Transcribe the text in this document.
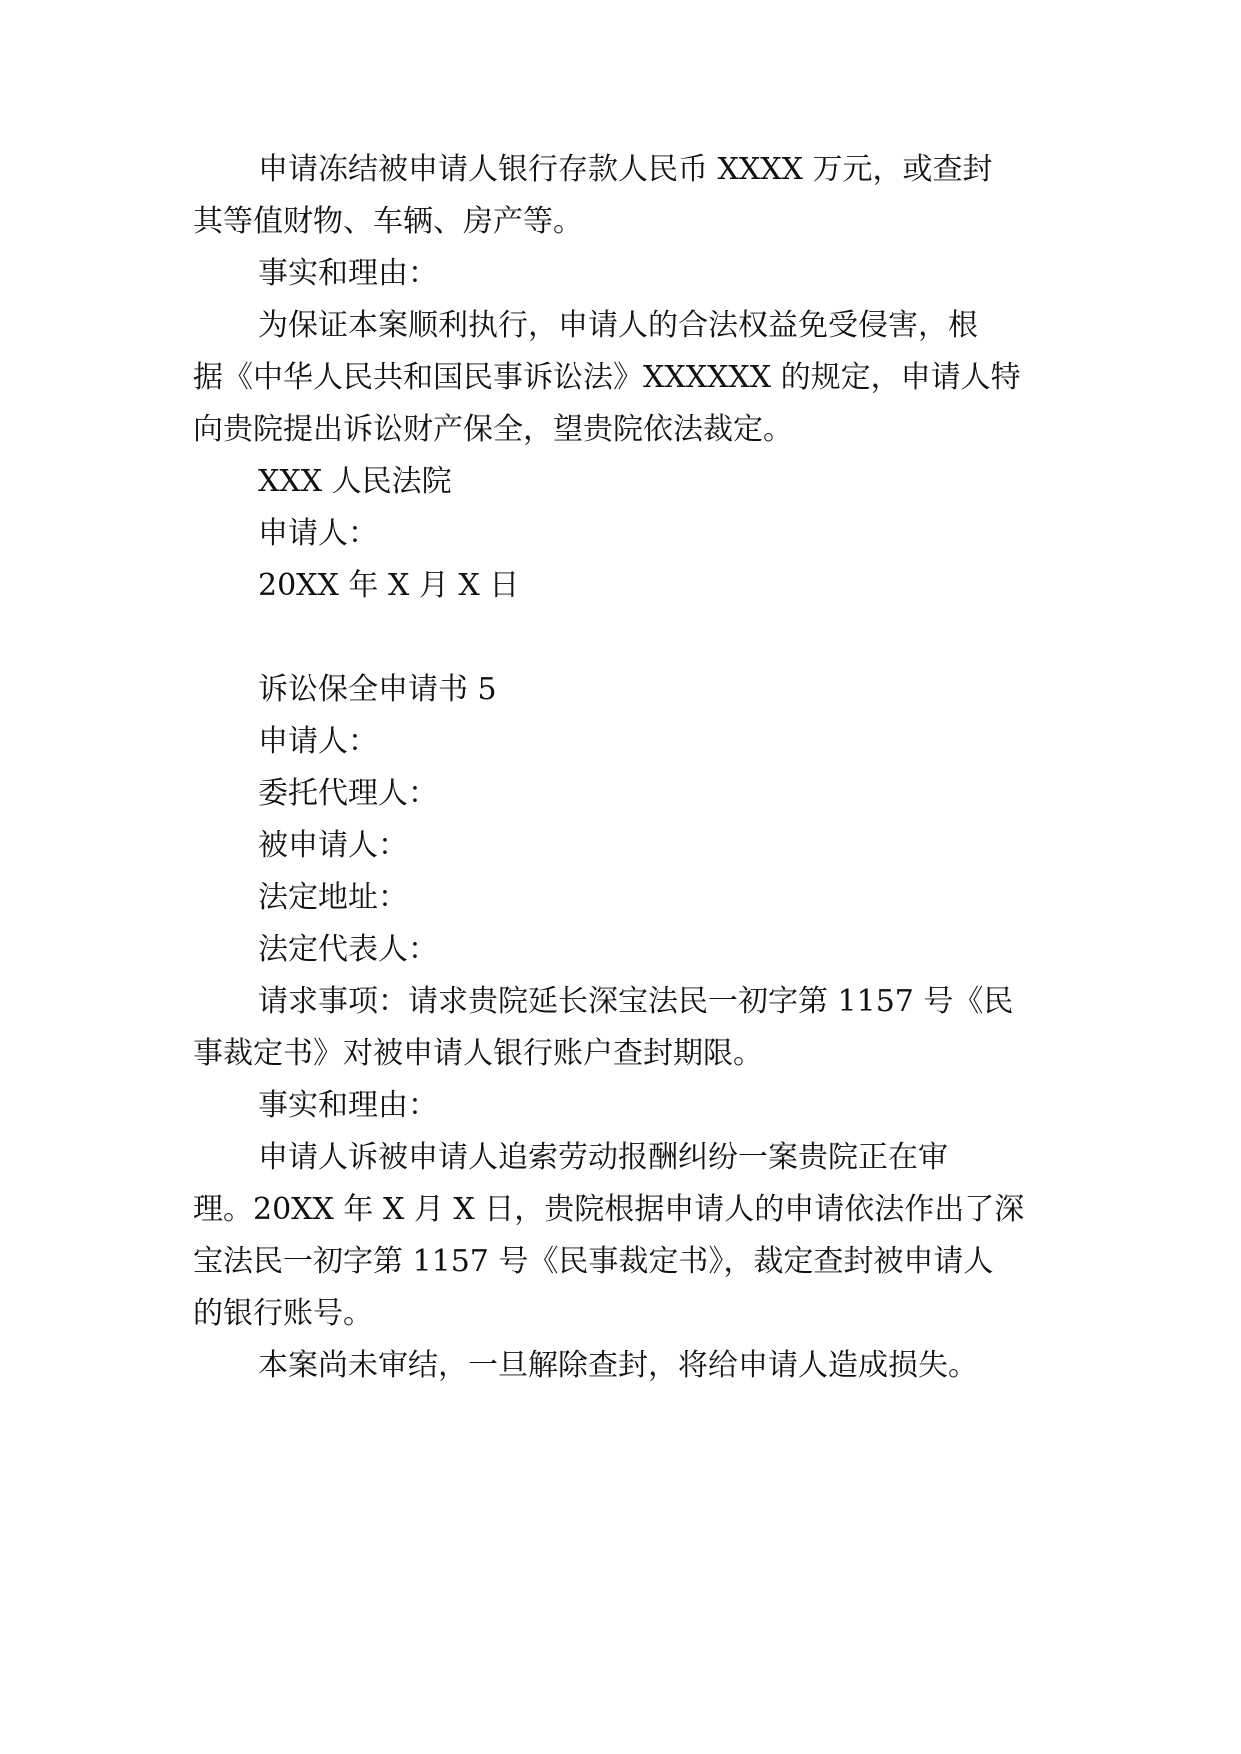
申请冻结被申请人银行存款人民币 XXXX 万元，或查封
其等值财物、车辆、房产等。
事实和理由：
为保证本案顺利执行，申请人的合法权益免受侵害，根
据《中华人民共和国民事诉讼法》XXXXXX 的规定，申请人特
向贵院提出诉讼财产保全，望贵院依法裁定。
XXX 人民法院
申请人：
20XX 年 X 月 X 日
诉讼保全申请书 5
申请人：
委托代理人：
被申请人：
法定地址：
法定代表人：
请求事项：请求贵院延长深宝法民一初字第 1157 号《民
事裁定书》对被申请人银行账户查封期限。
事实和理由：
申请人诉被申请人追索劳动报酬纠纷一案贵院正在审
理。20XX 年 X 月 X 日，贵院根据申请人的申请依法作出了深
宝法民一初字第 1157 号《民事裁定书》，裁定查封被申请人
的银行账号。
本案尚未审结，一旦解除查封，将给申请人造成损失。
